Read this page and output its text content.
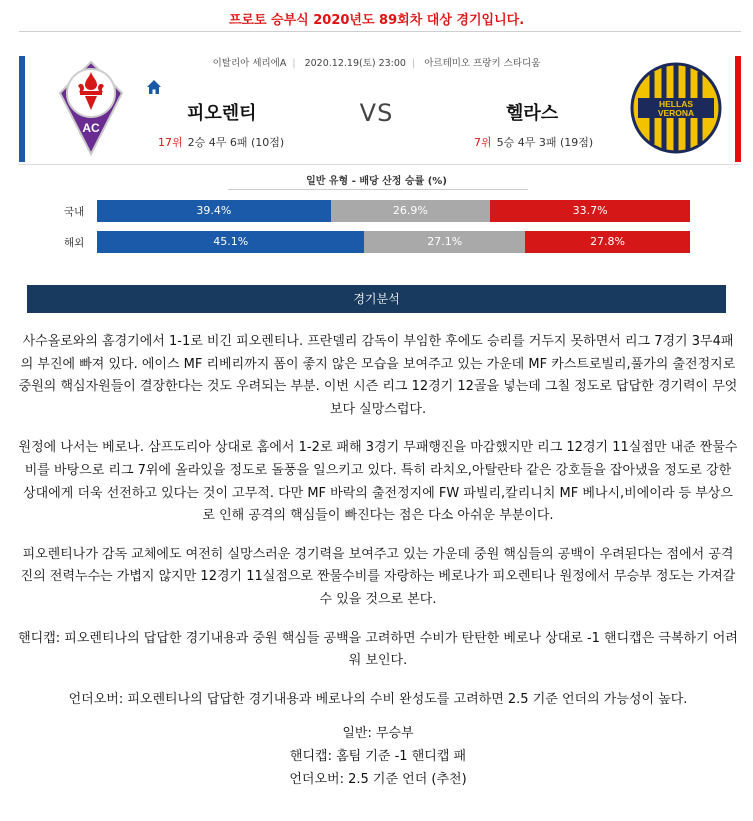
프로토 승부식 2020년도 89회차 대상 경기입니다.
이탈리아 세리에A | 2020.12.19(토) 23:00 | 아르테미오 프랑키 스타디움
AC
피오렌티	VS	헬라스
17위 2승 4무 6패 (10점)	7위 5승 4무 3패 (19점)
HELLAS
VERONA
일반 유형 - 배당 산정 승률 (%)
국내	39.4%	26.9%	33.7%
해외	45.1%	27.1%	27.8%
경기분석

사수올로와의 홈경기에서 1-1로 비긴 피오렌티나. 프란델리 감독이 부임한 후에도 승리를 거두지 못하면서 리그 7경기 3무4패의 부진에 빠져 있다. 에이스 MF 리베리까지 폼이 좋지 않은 모습을 보여주고 있는 가운데 MF 카스트로빌리,풀가의 출전정지로 중원의 핵심자원들이 결장한다는 것도 우려되는 부분. 이번 시즌 리그 12경기 12골을 넣는데 그칠 정도로 답답한 경기력이 무엇보다 실망스럽다.

원정에 나서는 베로나. 삼프도리아 상대로 홈에서 1-2로 패해 3경기 무패행진을 마감했지만 리그 12경기 11실점만 내준 짠물수비를 바탕으로 리그 7위에 올라있을 정도로 돌풍을 일으키고 있다. 특히 라치오,아탈란타 같은 강호들을 잡아냈을 정도로 강한 상대에게 더욱 선전하고 있다는 것이 고무적. 다만 MF 바락의 출전정지에 FW 파빌리,칼리니치 MF 베나시,비에이라 등 부상으로 인해 공격의 핵심들이 빠진다는 점은 다소 아쉬운 부분이다.

피오렌티나가 감독 교체에도 여전히 실망스러운 경기력을 보여주고 있는 가운데 중원 핵심들의 공백이 우려된다는 점에서 공격진의 전력누수는 가볍지 않지만 12경기 11실점으로 짠물수비를 자랑하는 베로나가 피오렌티나 원정에서 무승부 정도는 가져갈 수 있을 것으로 본다.

핸디캡: 피오렌티나의 답답한 경기내용과 중원 핵심들 공백을 고려하면 수비가 탄탄한 베로나 상대로 -1 핸디캡은 극복하기 어려워 보인다.

언더오버: 피오렌티나의 답답한 경기내용과 베로나의 수비 완성도를 고려하면 2.5 기준 언더의 가능성이 높다.

일반: 무승부
핸디캡: 홈팀 기준 -1 핸디캡 패
언더오버: 2.5 기준 언더 (추천)
